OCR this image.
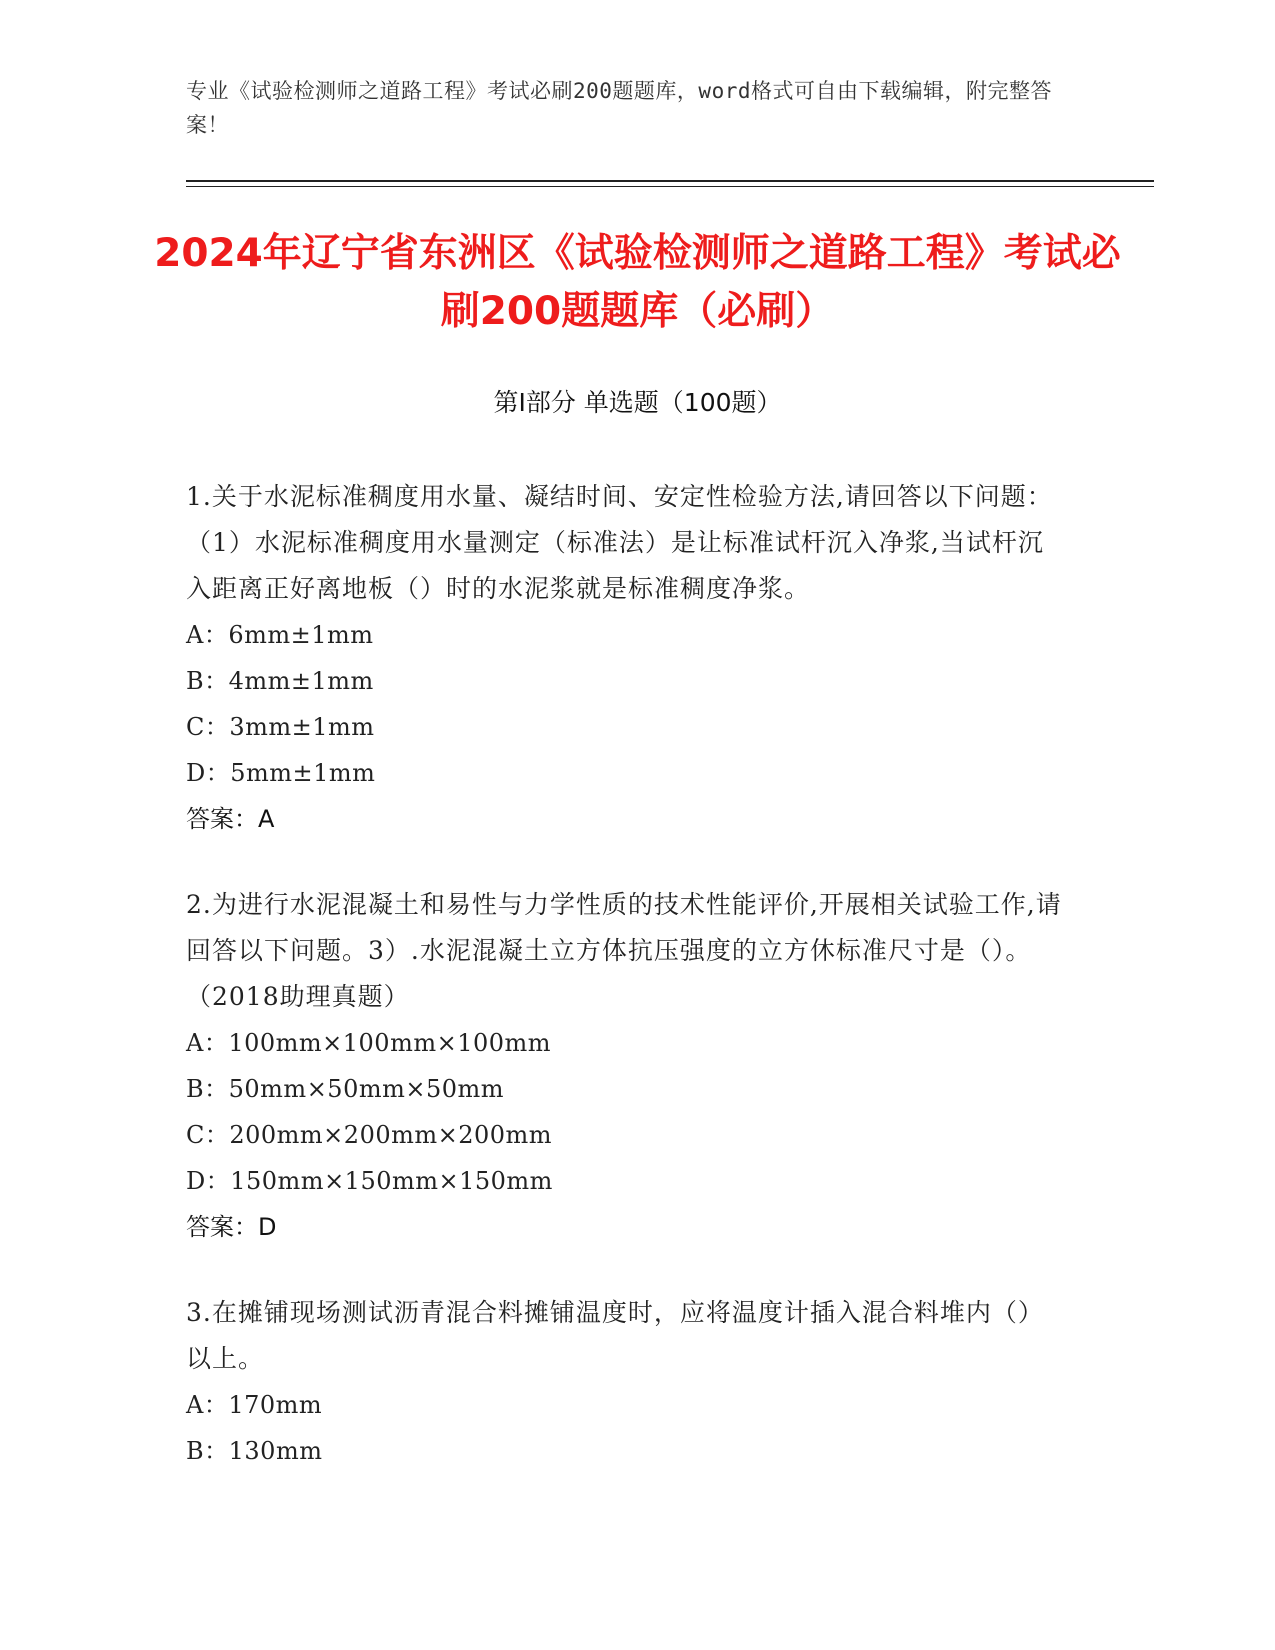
专业《试验检测师之道路工程》考试必刷200题题库，word格式可自由下载编辑，附完整答案！
2024年辽宁省东洲区《试验检测师之道路工程》考试必刷200题题库（必刷）
第I部分 单选题（100题）
1.关于水泥标准稠度用水量、凝结时间、安定性检验方法,请回答以下问题：（1）水泥标准稠度用水量测定（标准法）是让标准试杆沉入净浆,当试杆沉入距离正好离地板（）时的水泥浆就是标准稠度净浆。
A：6mm±1mm
B：4mm±1mm
C：3mm±1mm
D：5mm±1mm
答案：A
2.为进行水泥混凝土和易性与力学性质的技术性能评价,开展相关试验工作,请回答以下问题。3）.水泥混凝土立方体抗压强度的立方休标准尺寸是（）。（2018助理真题）
A：100mm×100mm×100mm
B：50mm×50mm×50mm
C：200mm×200mm×200mm
D：150mm×150mm×150mm
答案：D
3.在摊铺现场测试沥青混合料摊铺温度时，应将温度计插入混合料堆内（）以上。
A：170mm
B：130mm
